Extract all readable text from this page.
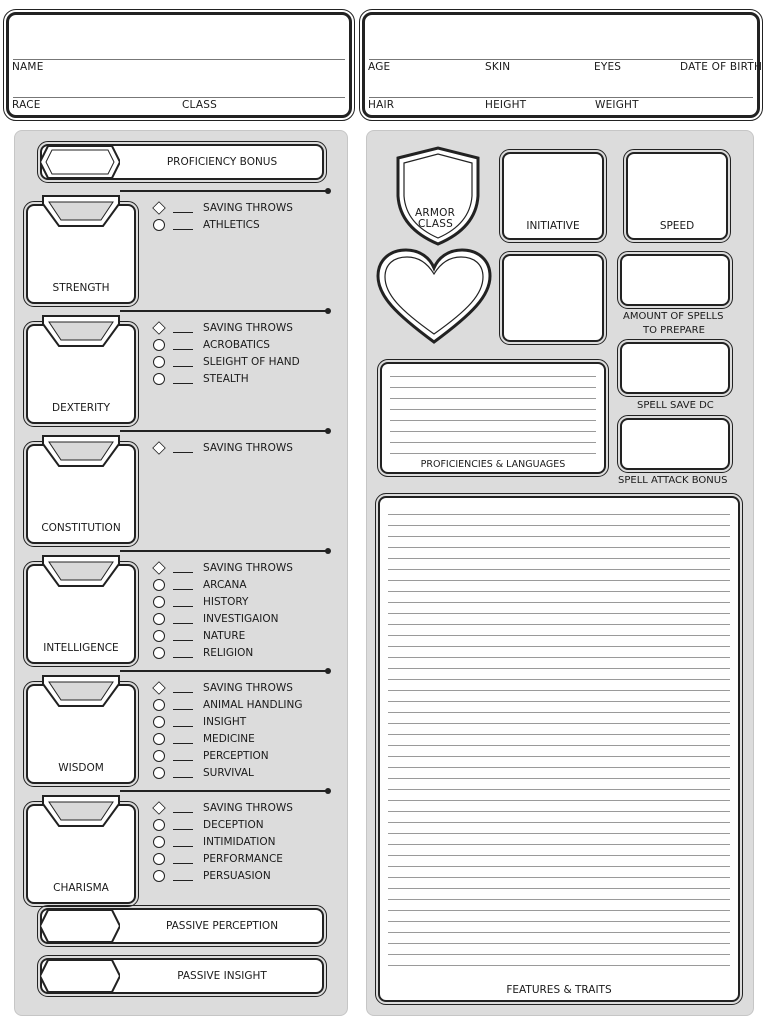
NAME
RACE	CLASS
AGE	SKIN	EYES	DATE OF BIRTH
HAIR	HEIGHT	WEIGHT
PROFICIENCY BONUS
STRENGTH
SAVING THROWS
ATHLETICS
DEXTERITY
SAVING THROWS
ACROBATICS
SLEIGHT OF HAND
STEALTH
CONSTITUTION
SAVING THROWS
INTELLIGENCE
SAVING THROWS
ARCANA
HISTORY
INVESTIGAION
NATURE
RELIGION
WISDOM
SAVING THROWS
ANIMAL HANDLING
INSIGHT
MEDICINE
PERCEPTION
SURVIVAL
CHARISMA
SAVING THROWS
DECEPTION
INTIMIDATION
PERFORMANCE
PERSUASION
PASSIVE PERCEPTION
PASSIVE INSIGHT
ARMOR
CLASS	INITIATIVE	SPEED
AMOUNT OF SPELLS
TO PREPARE
SPELL SAVE DC
SPELL ATTACK BONUS
PROFICIENCIES & LANGUAGES
FEATURES & TRAITS
